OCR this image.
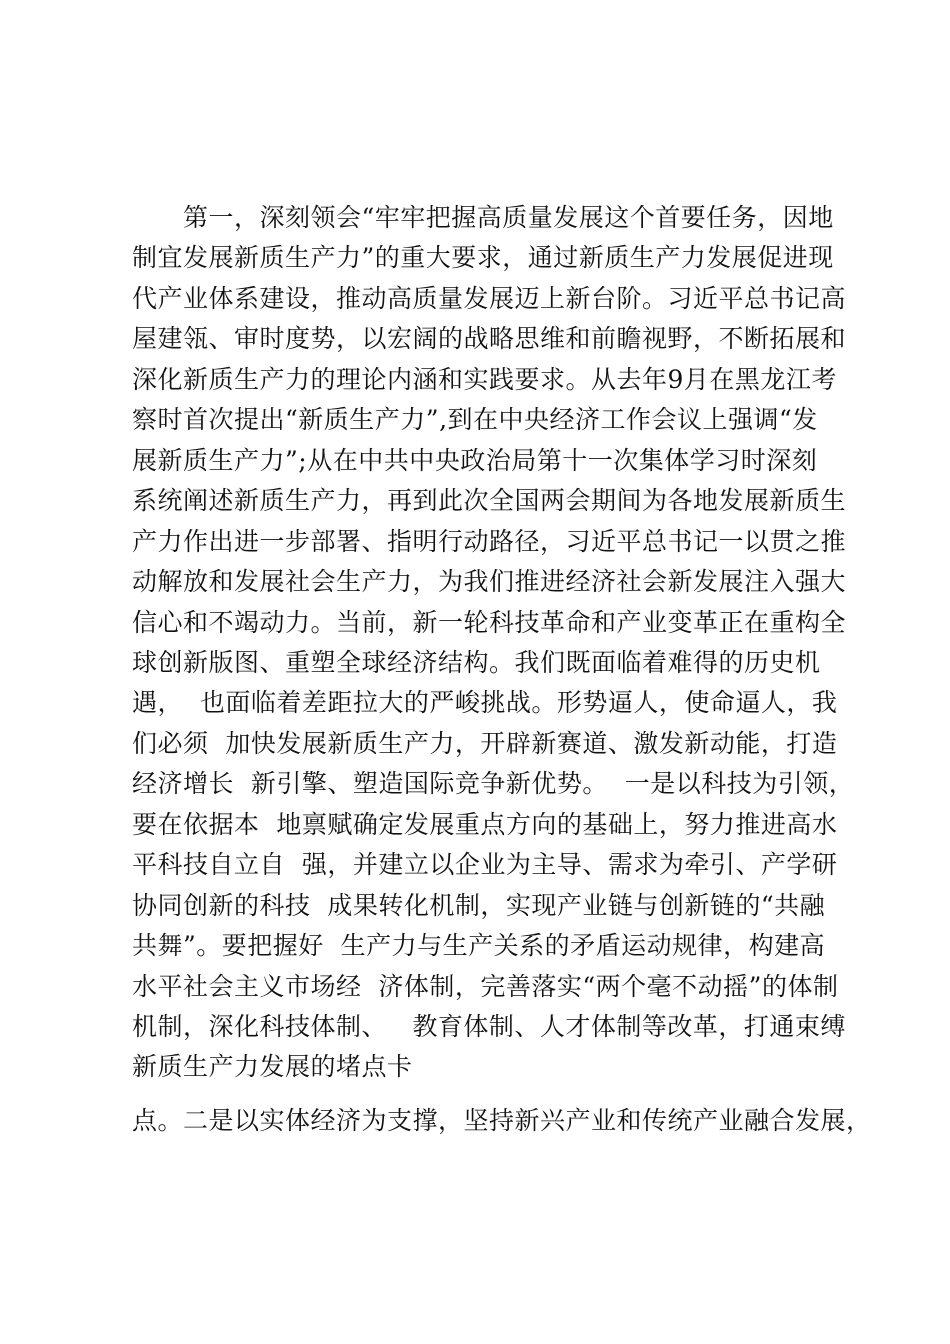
第一，深刻领会“牢牢把握高质量发展这个首要任务，因地
制宜发展新质生产力”的重大要求，通过新质生产力发展促进现
代产业体系建设，推动高质量发展迈上新台阶。习近平总书记高
屋建瓴、审时度势，以宏阔的战略思维和前瞻视野，不断拓展和
深化新质生产力的理论内涵和实践要求。从去年9月在黑龙江考
察时首次提出“新质生产力”,到在中央经济工作会议上强调“发
展新质生产力”;从在中共中央政治局第十一次集体学习时深刻
系统阐述新质生产力，再到此次全国两会期间为各地发展新质生
产力作出进一步部署、指明行动路径，习近平总书记一以贯之推
动解放和发展社会生产力，为我们推进经济社会新发展注入强大
信心和不竭动力。当前，新一轮科技革命和产业变革正在重构全
球创新版图、重塑全球经济结构。我们既面临着难得的历史机
遇，  也面临着差距拉大的严峻挑战。形势逼人，使命逼人，我
们必须  加快发展新质生产力，开辟新赛道、激发新动能，打造
经济增长  新引擎、塑造国际竞争新优势。  一是以科技为引领，
要在依据本  地禀赋确定发展重点方向的基础上，努力推进高水
平科技自立自  强，并建立以企业为主导、需求为牵引、产学研
协同创新的科技  成果转化机制，实现产业链与创新链的“共融
共舞”。要把握好  生产力与生产关系的矛盾运动规律，构建高
水平社会主义市场经  济体制，完善落实“两个毫不动摇”的体制
机制，深化科技体制、   教育体制、人才体制等改革，打通束缚
新质生产力发展的堵点卡
点。二是以实体经济为支撑，坚持新兴产业和传统产业融合发展，
